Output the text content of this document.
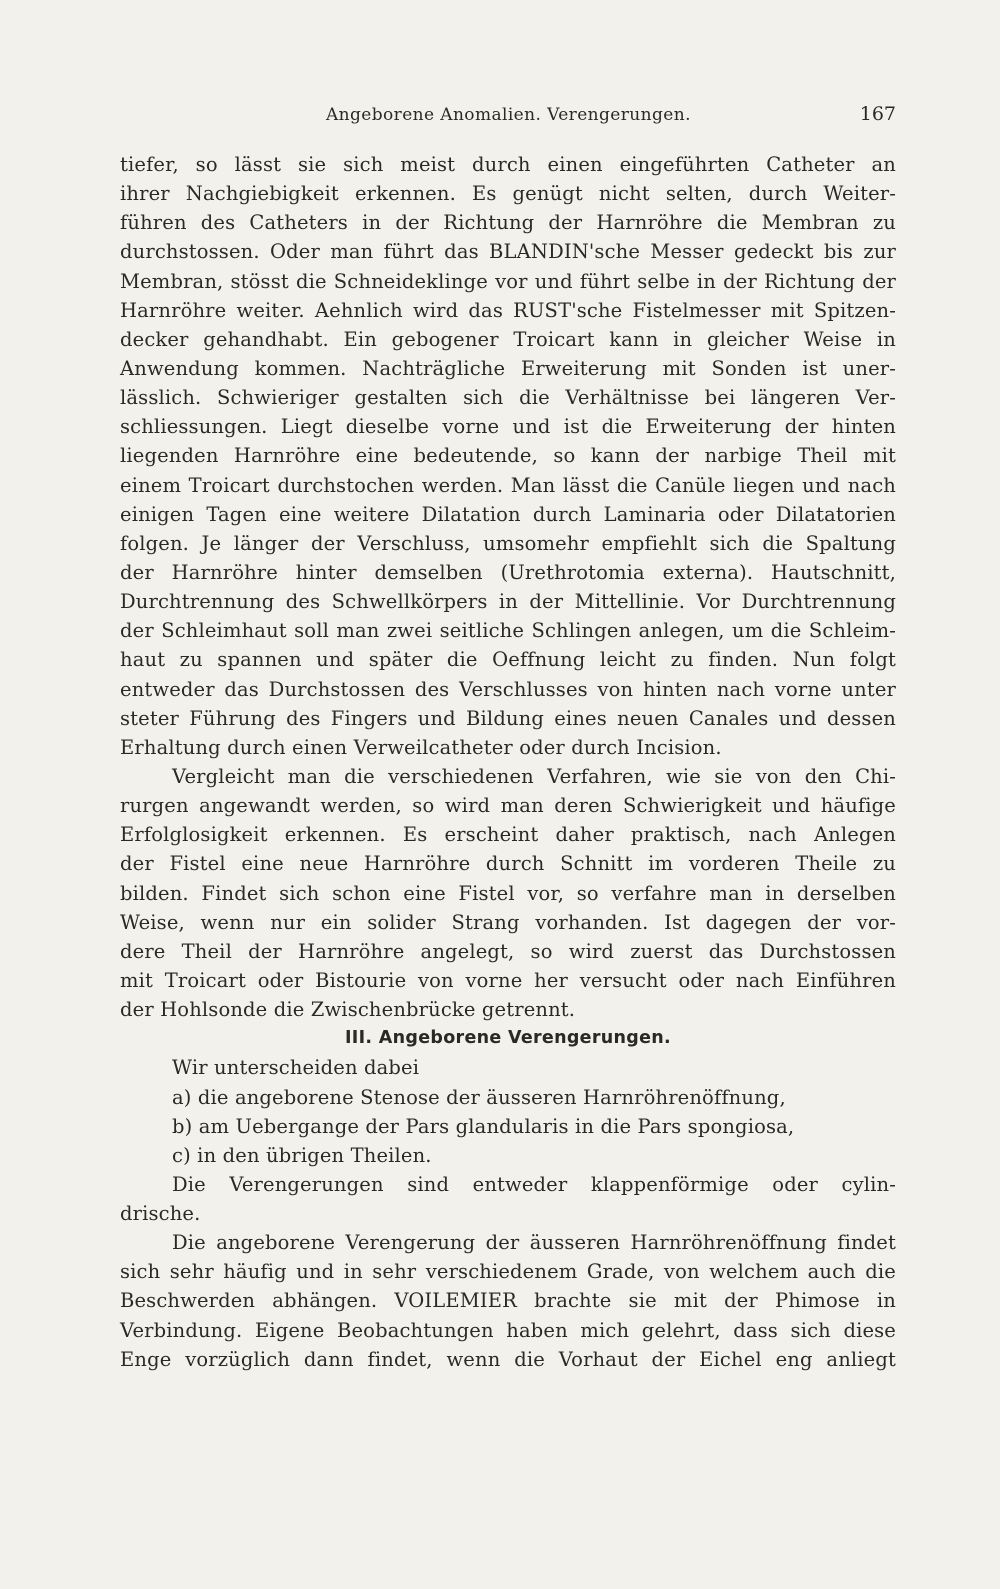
Angeborene Anomalien. Verengerungen.	167
tiefer, so lässt sie sich meist durch einen eingeführten Catheter an
ihrer Nachgiebigkeit erkennen. Es genügt nicht selten, durch Weiter-
führen des Catheters in der Richtung der Harnröhre die Membran zu
durchstossen. Oder man führt das BLANDIN'sche Messer gedeckt bis zur
Membran, stösst die Schneideklinge vor und führt selbe in der Richtung der
Harnröhre weiter. Aehnlich wird das RUST'sche Fistelmesser mit Spitzen-
decker gehandhabt. Ein gebogener Troicart kann in gleicher Weise in
Anwendung kommen. Nachträgliche Erweiterung mit Sonden ist uner-
lässlich. Schwieriger gestalten sich die Verhältnisse bei längeren Ver-
schliessungen. Liegt dieselbe vorne und ist die Erweiterung der hinten
liegenden Harnröhre eine bedeutende, so kann der narbige Theil mit
einem Troicart durchstochen werden. Man lässt die Canüle liegen und nach
einigen Tagen eine weitere Dilatation durch Laminaria oder Dilatatorien
folgen. Je länger der Verschluss, umsomehr empfiehlt sich die Spaltung
der Harnröhre hinter demselben (Urethrotomia externa). Hautschnitt,
Durchtrennung des Schwellkörpers in der Mittellinie. Vor Durchtrennung
der Schleimhaut soll man zwei seitliche Schlingen anlegen, um die Schleim-
haut zu spannen und später die Oeffnung leicht zu finden. Nun folgt
entweder das Durchstossen des Verschlusses von hinten nach vorne unter
steter Führung des Fingers und Bildung eines neuen Canales und dessen
Erhaltung durch einen Verweilcatheter oder durch Incision.
Vergleicht man die verschiedenen Verfahren, wie sie von den Chi-
rurgen angewandt werden, so wird man deren Schwierigkeit und häufige
Erfolglosigkeit erkennen. Es erscheint daher praktisch, nach Anlegen
der Fistel eine neue Harnröhre durch Schnitt im vorderen Theile zu
bilden. Findet sich schon eine Fistel vor, so verfahre man in derselben
Weise, wenn nur ein solider Strang vorhanden. Ist dagegen der vor-
dere Theil der Harnröhre angelegt, so wird zuerst das Durchstossen
mit Troicart oder Bistourie von vorne her versucht oder nach Einführen
der Hohlsonde die Zwischenbrücke getrennt.
III. Angeborene Verengerungen.
Wir unterscheiden dabei
a) die angeborene Stenose der äusseren Harnröhrenöffnung,
b) am Uebergange der Pars glandularis in die Pars spongiosa,
c) in den übrigen Theilen.
Die Verengerungen sind entweder klappenförmige oder cylin-
drische.
Die angeborene Verengerung der äusseren Harnröhrenöffnung findet
sich sehr häufig und in sehr verschiedenem Grade, von welchem auch die
Beschwerden abhängen. VOILEMIER brachte sie mit der Phimose in
Verbindung. Eigene Beobachtungen haben mich gelehrt, dass sich diese
Enge vorzüglich dann findet, wenn die Vorhaut der Eichel eng anliegt
